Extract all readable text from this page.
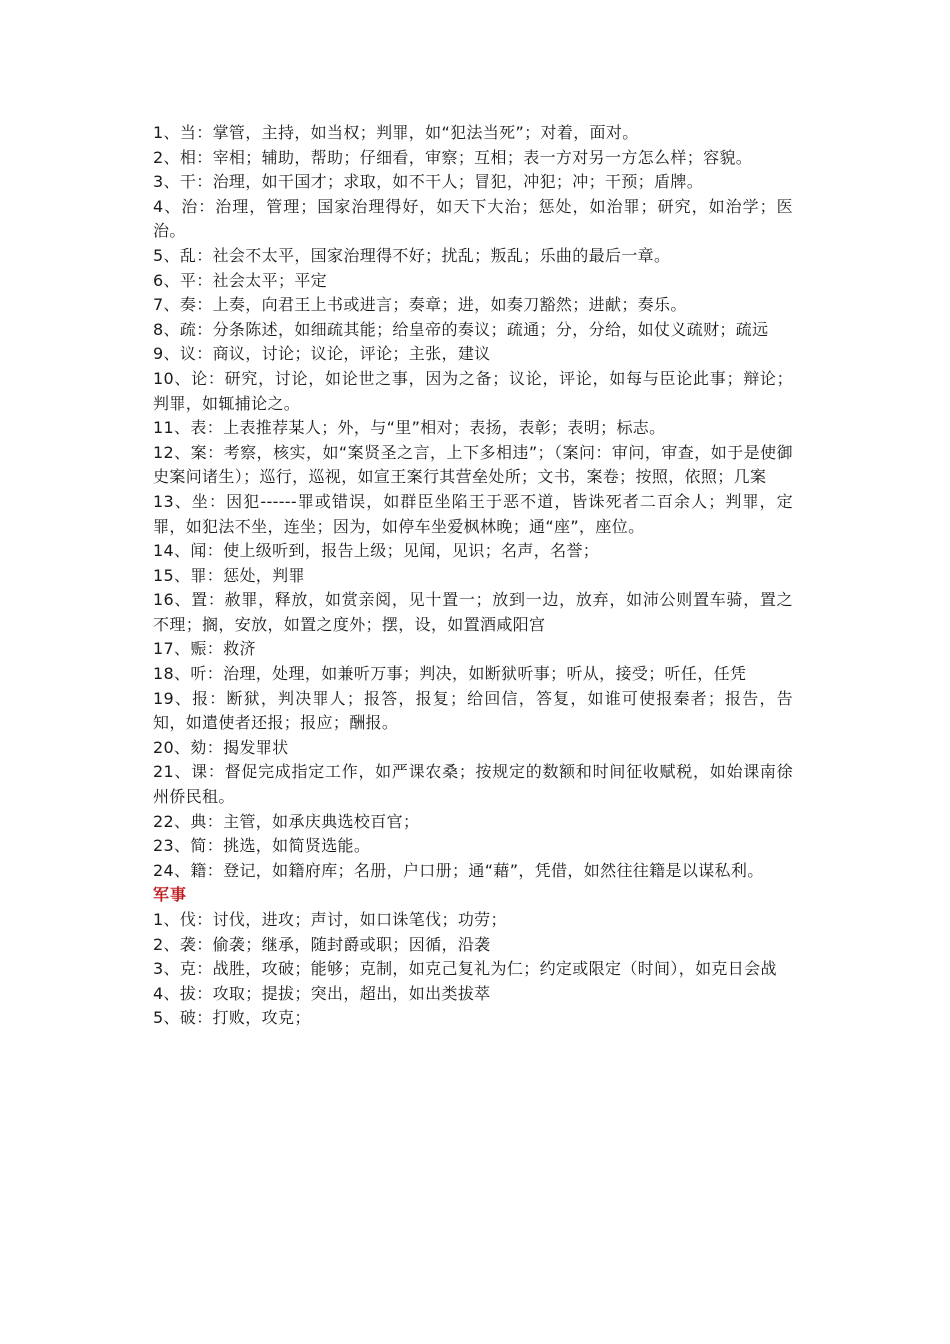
1、当：掌管，主持，如当权；判罪，如“犯法当死”；对着，面对。

2、相：宰相；辅助，帮助；仔细看，审察；互相；表一方对另一方怎么样；容貌。

3、干：治理，如干国才；求取，如不干人；冒犯，冲犯；冲；干预；盾牌。

4、治：治理，管理；国家治理得好，如天下大治；惩处，如治罪；研究，如治学；医治。

5、乱：社会不太平，国家治理得不好；扰乱；叛乱；乐曲的最后一章。

6、平：社会太平；平定

7、奏：上奏，向君王上书或进言；奏章；进，如奏刀豁然；进献；奏乐。

8、疏：分条陈述，如细疏其能；给皇帝的奏议；疏通；分，分给，如仗义疏财；疏远

9、议：商议，讨论；议论，评论；主张，建议

10、论：研究，讨论，如论世之事，因为之备；议论，评论，如每与臣论此事；辩论；判罪，如辄捕论之。

11、表：上表推荐某人；外，与“里”相对；表扬，表彰；表明；标志。

12、案：考察，核实，如“案贤圣之言，上下多相违”；（案问：审问，审查，如于是使御史案问诸生）；巡行，巡视，如宣王案行其营垒处所；文书，案卷；按照，依照；几案

13、坐：因犯------罪或错误，如群臣坐陷王于恶不道，皆诛死者二百余人；判罪，定罪，如犯法不坐，连坐；因为，如停车坐爱枫林晚；通“座”，座位。

14、闻：使上级听到，报告上级；见闻，见识；名声，名誉；

15、罪：惩处，判罪

16、置：赦罪，释放，如赏亲阅，见十置一；放到一边，放弃，如沛公则置车骑，置之不理；搁，安放，如置之度外；摆，设，如置酒咸阳宫

17、赈：救济

18、听：治理，处理，如兼听万事；判决，如断狱听事；听从，接受；听任，任凭

19、报：断狱，判决罪人；报答，报复；给回信，答复，如谁可使报秦者；报告，告知，如遣使者还报；报应；酬报。

20、劾：揭发罪状

21、课：督促完成指定工作，如严课农桑；按规定的数额和时间征收赋税，如始课南徐州侨民租。

22、典：主管，如承庆典选校百官；

23、简：挑选，如简贤选能。

24、籍：登记，如籍府库；名册，户口册；通“藉”，凭借，如然往往籍是以谋私利。

军事

1、伐：讨伐，进攻；声讨，如口诛笔伐；功劳；

2、袭：偷袭；继承，随封爵或职；因循，沿袭

3、克：战胜，攻破；能够；克制，如克己复礼为仁；约定或限定（时间），如克日会战

4、拔：攻取；提拔；突出，超出，如出类拔萃

5、破：打败，攻克；
